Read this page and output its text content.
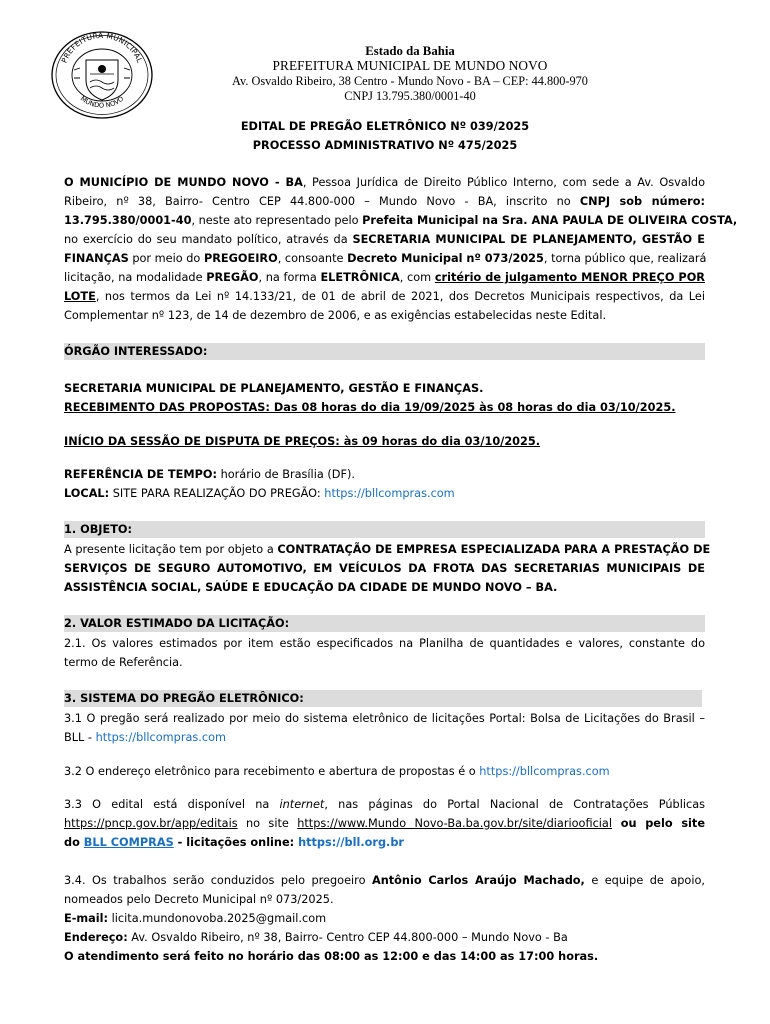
PREFEITURA MUNICIPAL
MUNDO NOVO
Estado da Bahia
PREFEITURA MUNICIPAL DE MUNDO NOVO
Av. Osvaldo Ribeiro, 38 Centro - Mundo Novo - BA – CEP: 44.800-970
CNPJ 13.795.380/0001-40
EDITAL DE PREGÃO ELETRÔNICO Nº 039/2025
PROCESSO ADMINISTRATIVO Nº 475/2025
O MUNICÍPIO DE MUNDO NOVO - BA, Pessoa Jurídica de Direito Público Interno, com sede a Av. Osvaldo
Ribeiro, nº 38, Bairro- Centro CEP 44.800-000 – Mundo Novo - BA, inscrito no CNPJ sob número:
13.795.380/0001-40, neste ato representado pelo Prefeita Municipal na Sra. ANA PAULA DE OLIVEIRA COSTA,
no exercício do seu mandato político, através da SECRETARIA MUNICIPAL DE PLANEJAMENTO, GESTÃO E
FINANÇAS por meio do PREGOEIRO, consoante Decreto Municipal nº 073/2025, torna público que, realizará
licitação, na modalidade PREGÃO, na forma ELETRÔNICA, com critério de julgamento MENOR PREÇO POR
LOTE, nos termos da Lei nº 14.133/21, de 01 de abril de 2021, dos Decretos Municipais respectivos, da Lei
Complementar nº 123, de 14 de dezembro de 2006, e as exigências estabelecidas neste Edital.
ÓRGÃO INTERESSADO:
SECRETARIA MUNICIPAL DE PLANEJAMENTO, GESTÃO E FINANÇAS.
RECEBIMENTO DAS PROPOSTAS: Das 08 horas do dia 19/09/2025 às 08 horas do dia 03/10/2025.
INÍCIO DA SESSÃO DE DISPUTA DE PREÇOS: às 09 horas do dia 03/10/2025.
REFERÊNCIA DE TEMPO: horário de Brasília (DF).
LOCAL: SITE PARA REALIZAÇÃO DO PREGÃO: https://bllcompras.com
1. OBJETO:
A presente licitação tem por objeto a CONTRATAÇÃO DE EMPRESA ESPECIALIZADA PARA A PRESTAÇÃO DE
SERVIÇOS DE SEGURO AUTOMOTIVO, EM VEÍCULOS DA FROTA DAS SECRETARIAS MUNICIPAIS DE
ASSISTÊNCIA SOCIAL, SAÚDE E EDUCAÇÃO DA CIDADE DE MUNDO NOVO – BA.
2. VALOR ESTIMADO DA LICITAÇÃO:
2.1. Os valores estimados por item estão especificados na Planilha de quantidades e valores, constante do
termo de Referência.
3. SISTEMA DO PREGÃO ELETRÔNICO:
3.1 O pregão será realizado por meio do sistema eletrônico de licitações Portal: Bolsa de Licitações do Brasil –
BLL - https://bllcompras.com
3.2 O endereço eletrônico para recebimento e abertura de propostas é o https://bllcompras.com
3.3 O edital está disponível na internet, nas páginas do Portal Nacional de Contratações Públicas
https://pncp.gov.br/app/editais no site https://www.Mundo Novo-Ba.ba.gov.br/site/diariooficial ou pelo site
do BLL COMPRAS - licitações online: https://bll.org.br
3.4. Os trabalhos serão conduzidos pelo pregoeiro Antônio Carlos Araújo Machado, e equipe de apoio,
nomeados pelo Decreto Municipal nº 073/2025.
E-mail: licita.mundonovoba.2025@gmail.com
Endereço: Av. Osvaldo Ribeiro, nº 38, Bairro- Centro CEP 44.800-000 – Mundo Novo - Ba
O atendimento será feito no horário das 08:00 as 12:00 e das 14:00 as 17:00 horas.
